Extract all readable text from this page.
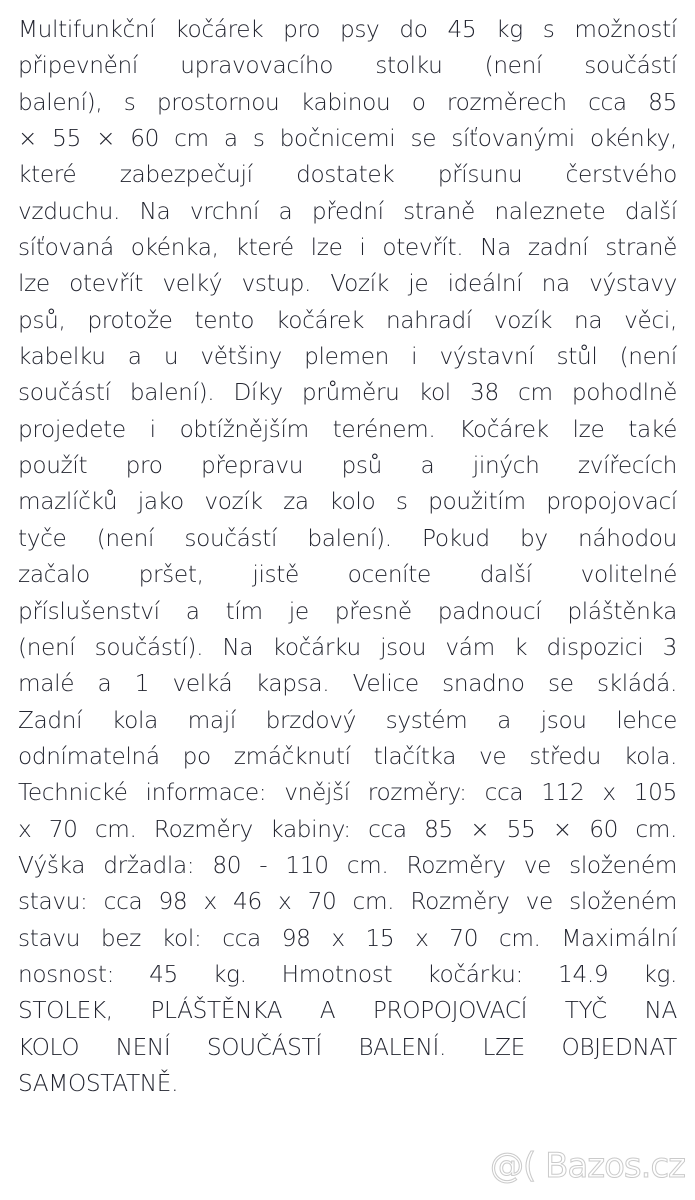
Multifunkční kočárek pro psy do 45 kg s možností
připevnění upravovacího stolku (není součástí
balení), s prostornou kabinou o rozměrech cca 85
× 55 × 60 cm a s bočnicemi se síťovanými okénky,
které zabezpečují dostatek přísunu čerstvého
vzduchu. Na vrchní a přední straně naleznete další
síťovaná okénka, které lze i otevřít. Na zadní straně
lze otevřít velký vstup. Vozík je ideální na výstavy
psů, protože tento kočárek nahradí vozík na věci,
kabelku a u většiny plemen i výstavní stůl (není
součástí balení). Díky průměru kol 38 cm pohodlně
projedete i obtížnějším terénem. Kočárek lze také
použít pro přepravu psů a jiných zvířecích
mazlíčků jako vozík za kolo s použitím propojovací
tyče (není součástí balení). Pokud by náhodou
začalo pršet, jistě oceníte další volitelné
příslušenství a tím je přesně padnoucí pláštěnka
(není součástí). Na kočárku jsou vám k dispozici 3
malé a 1 velká kapsa. Velice snadno se skládá.
Zadní kola mají brzdový systém a jsou lehce
odnímatelná po zmáčknutí tlačítka ve středu kola.
Technické informace: vnější rozměry: cca 112 x 105
x 70 cm. Rozměry kabiny: cca 85 × 55 × 60 cm.
Výška držadla: 80 - 110 cm. Rozměry ve složeném
stavu: cca 98 x 46 x 70 cm. Rozměry ve složeném
stavu bez kol: cca 98 x 15 x 70 cm. Maximální
nosnost: 45 kg. Hmotnost kočárku: 14.9 kg.
STOLEK, PLÁŠTĚNKA A PROPOJOVACÍ TYČ NA
KOLO NENÍ SOUČÁSTÍ BALENÍ. LZE OBJEDNAT
SAMOSTATNĚ.
@( Bazos.cz
